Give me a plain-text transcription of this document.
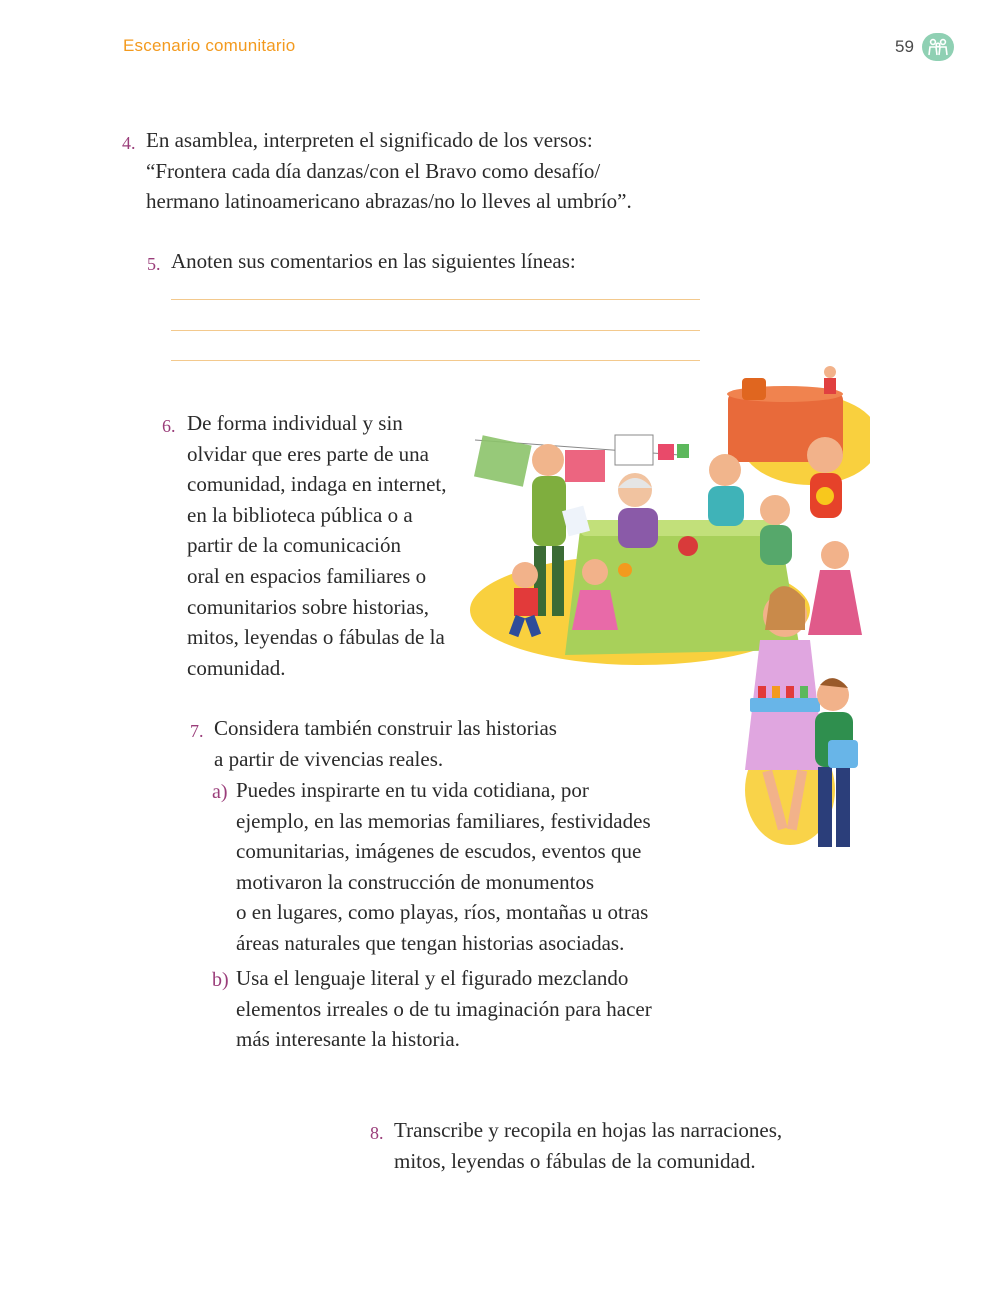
Escenario comunitario	59
4. En asamblea, interpreten el significado de los versos:
“Frontera cada día danzas/con el Bravo como desafío/
hermano latinoamericano abrazas/no lo lleves al umbrío”.
5. Anoten sus comentarios en las siguientes líneas:
6. De forma individual y sin
olvidar que eres parte de una
comunidad, indaga en internet,
en la biblioteca pública o a
partir de la comunicación
oral en espacios familiares o
comunitarios sobre historias,
mitos, leyendas o fábulas de la
comunidad.
7. Considera también construir las historias
a partir de vivencias reales.
a) Puedes inspirarte en tu vida cotidiana, por
ejemplo, en las memorias familiares, festividades
comunitarias, imágenes de escudos, eventos que
motivaron la construcción de monumentos
o en lugares, como playas, ríos, montañas u otras
áreas naturales que tengan historias asociadas.
b) Usa el lenguaje literal y el figurado mezclando
elementos irreales o de tu imaginación para hacer
más interesante la historia.
8. Transcribe y recopila en hojas las narraciones,
mitos, leyendas o fábulas de la comunidad.
